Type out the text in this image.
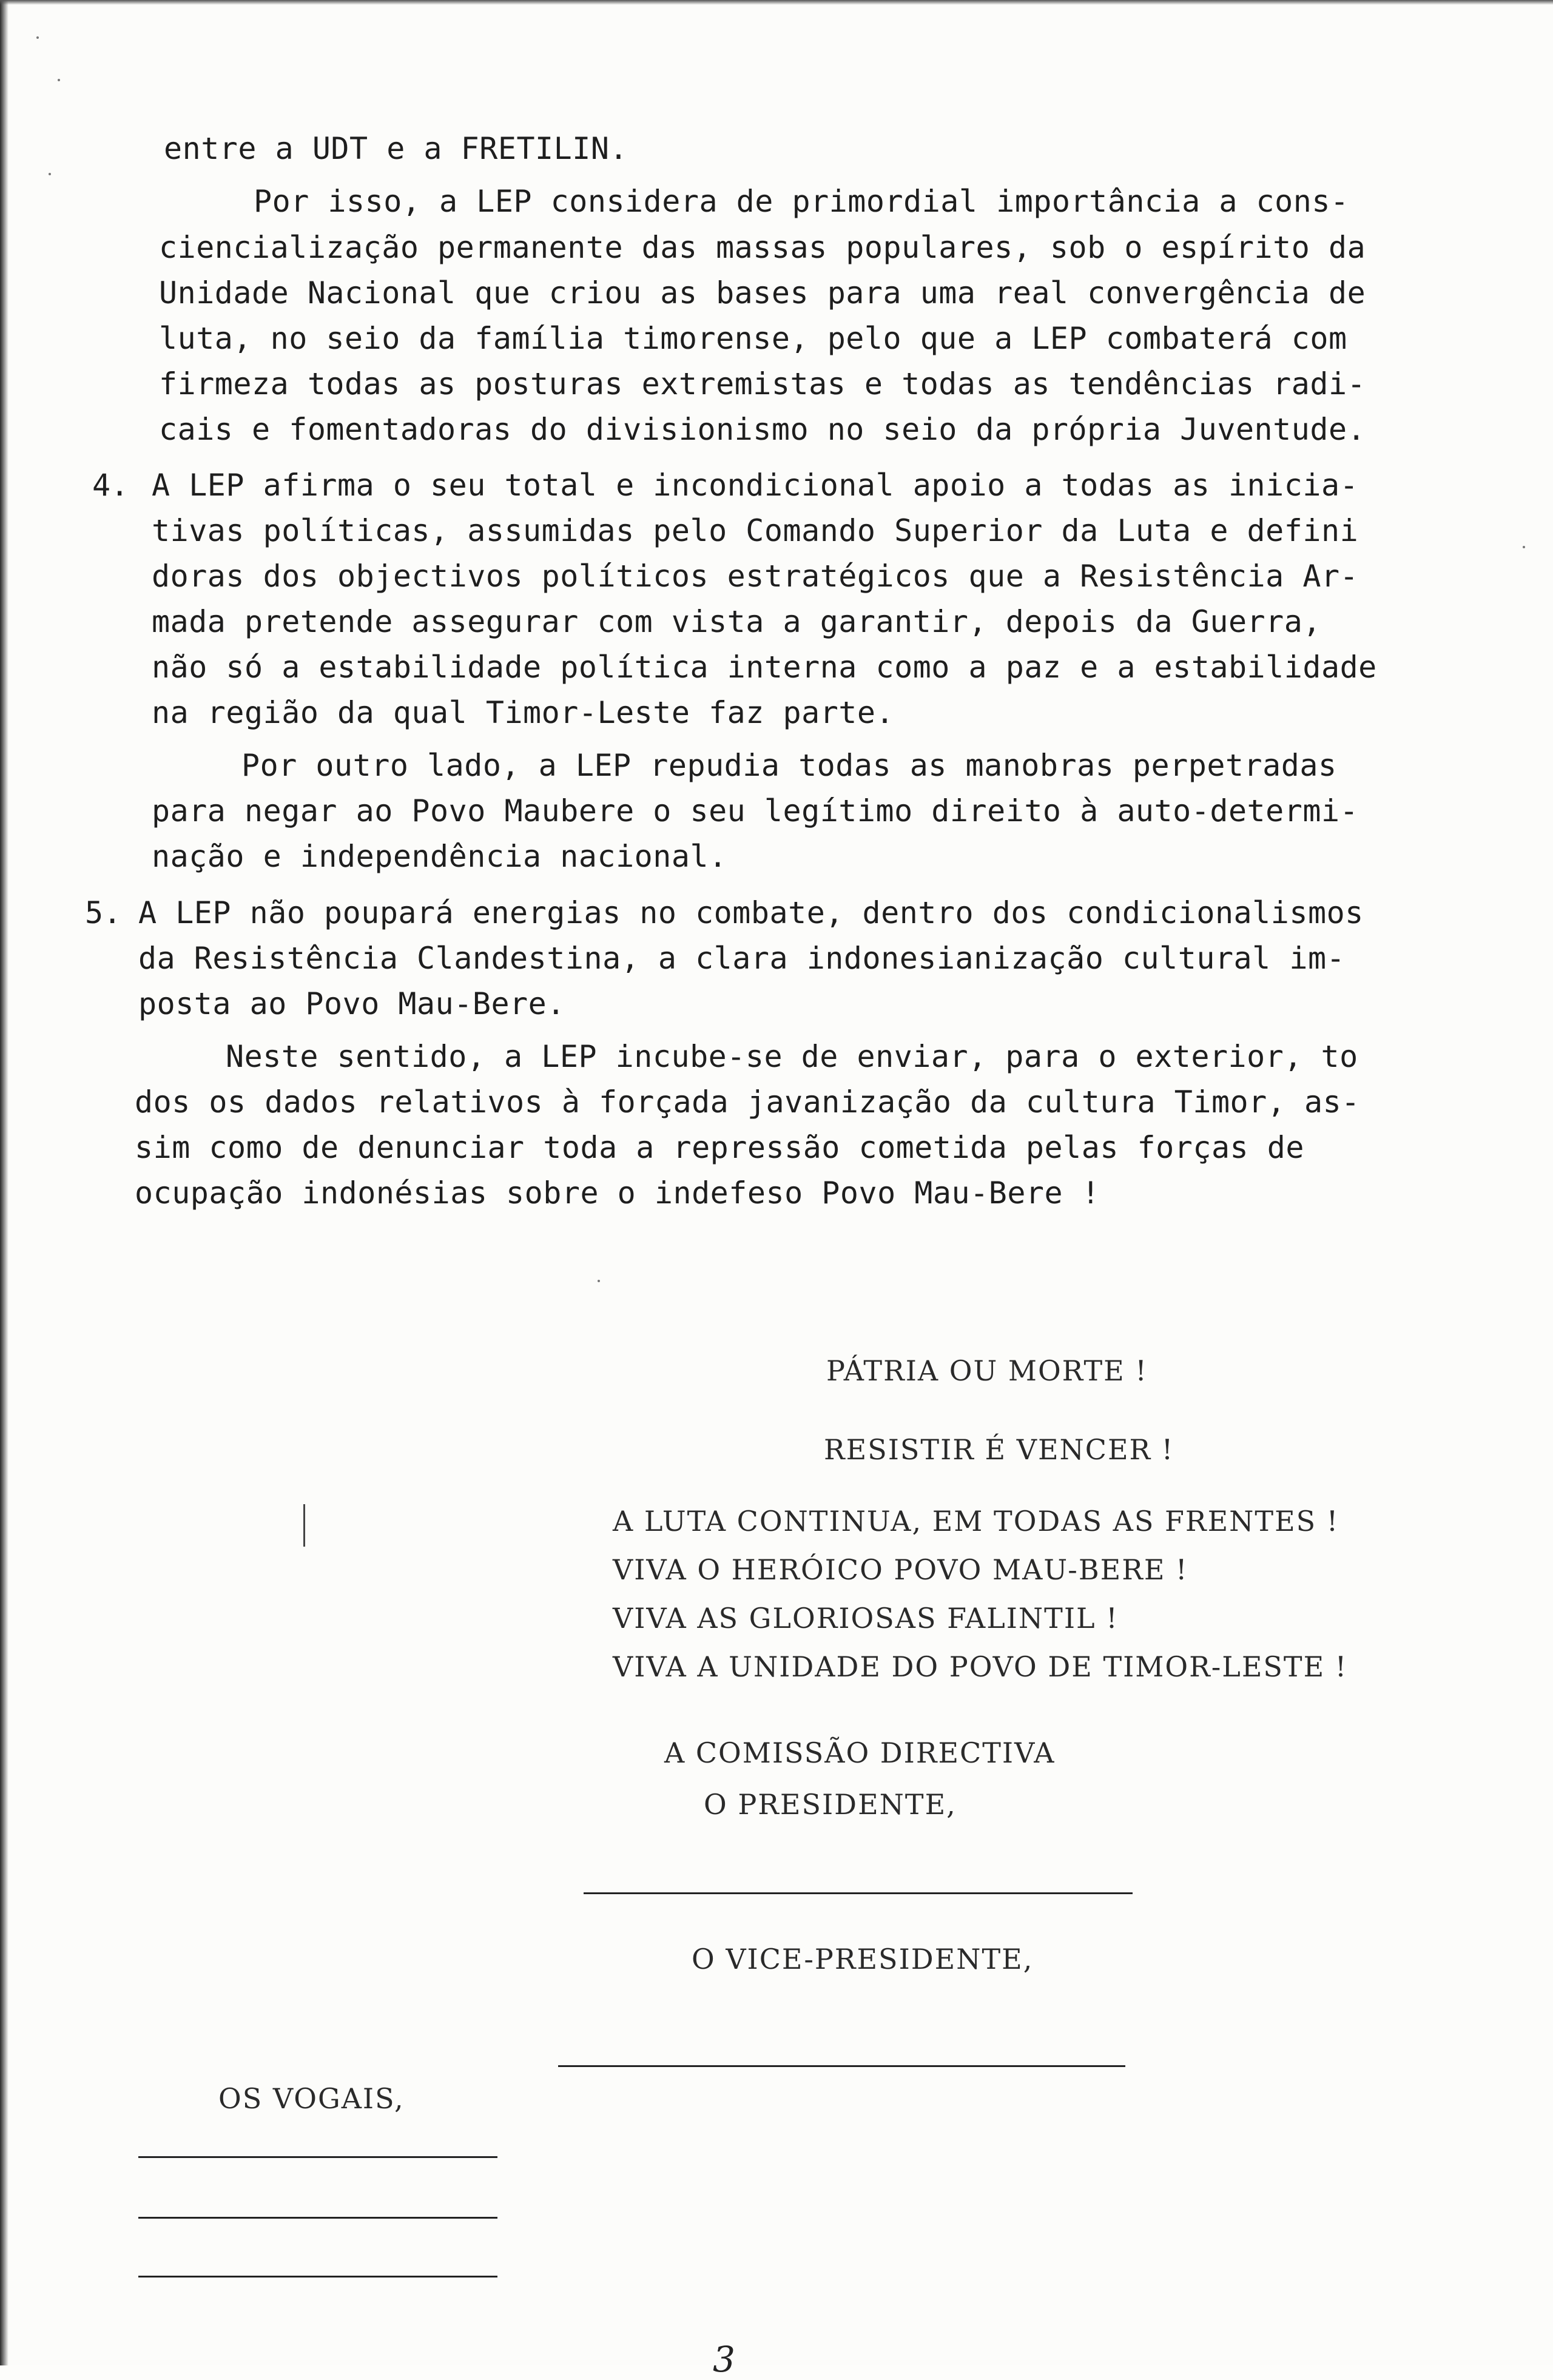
entre a UDT e a FRETILIN.
Por isso, a LEP considera de primordial importância a cons-
ciencialização permanente das massas populares, sob o espírito da
Unidade Nacional que criou as bases para uma real convergência de
luta, no seio da família timorense, pelo que a LEP combaterá com
firmeza todas as posturas extremistas e todas as tendências radi-
cais e fomentadoras do divisionismo no seio da própria Juventude.
4. A LEP afirma o seu total e incondicional apoio a todas as inicia-
tivas políticas, assumidas pelo Comando Superior da Luta e defini
doras dos objectivos políticos estratégicos que a Resistência Ar-
mada pretende assegurar com vista a garantir, depois da Guerra,
não só a estabilidade política interna como a paz e a estabilidade
na região da qual Timor-Leste faz parte.
Por outro lado, a LEP repudia todas as manobras perpetradas
para negar ao Povo Maubere o seu legítimo direito à auto-determi-
nação e independência nacional.
5. A LEP não poupará energias no combate, dentro dos condicionalismos
da Resistência Clandestina, a clara indonesianização cultural im-
posta ao Povo Mau-Bere.
Neste sentido, a LEP incube-se de enviar, para o exterior, to
dos os dados relativos à forçada javanização da cultura Timor, as-
sim como de denunciar toda a repressão cometida pelas forças de
ocupação indonésias sobre o indefeso Povo Mau-Bere !
PÁTRIA OU MORTE !
RESISTIR É VENCER !
A LUTA CONTINUA, EM TODAS AS FRENTES !
VIVA O HERÓICO POVO MAU-BERE !
VIVA AS GLORIOSAS FALINTIL !
VIVA A UNIDADE DO POVO DE TIMOR-LESTE !
A COMISSÃO DIRECTIVA
O PRESIDENTE,
O VICE-PRESIDENTE,
OS VOGAIS,
3
